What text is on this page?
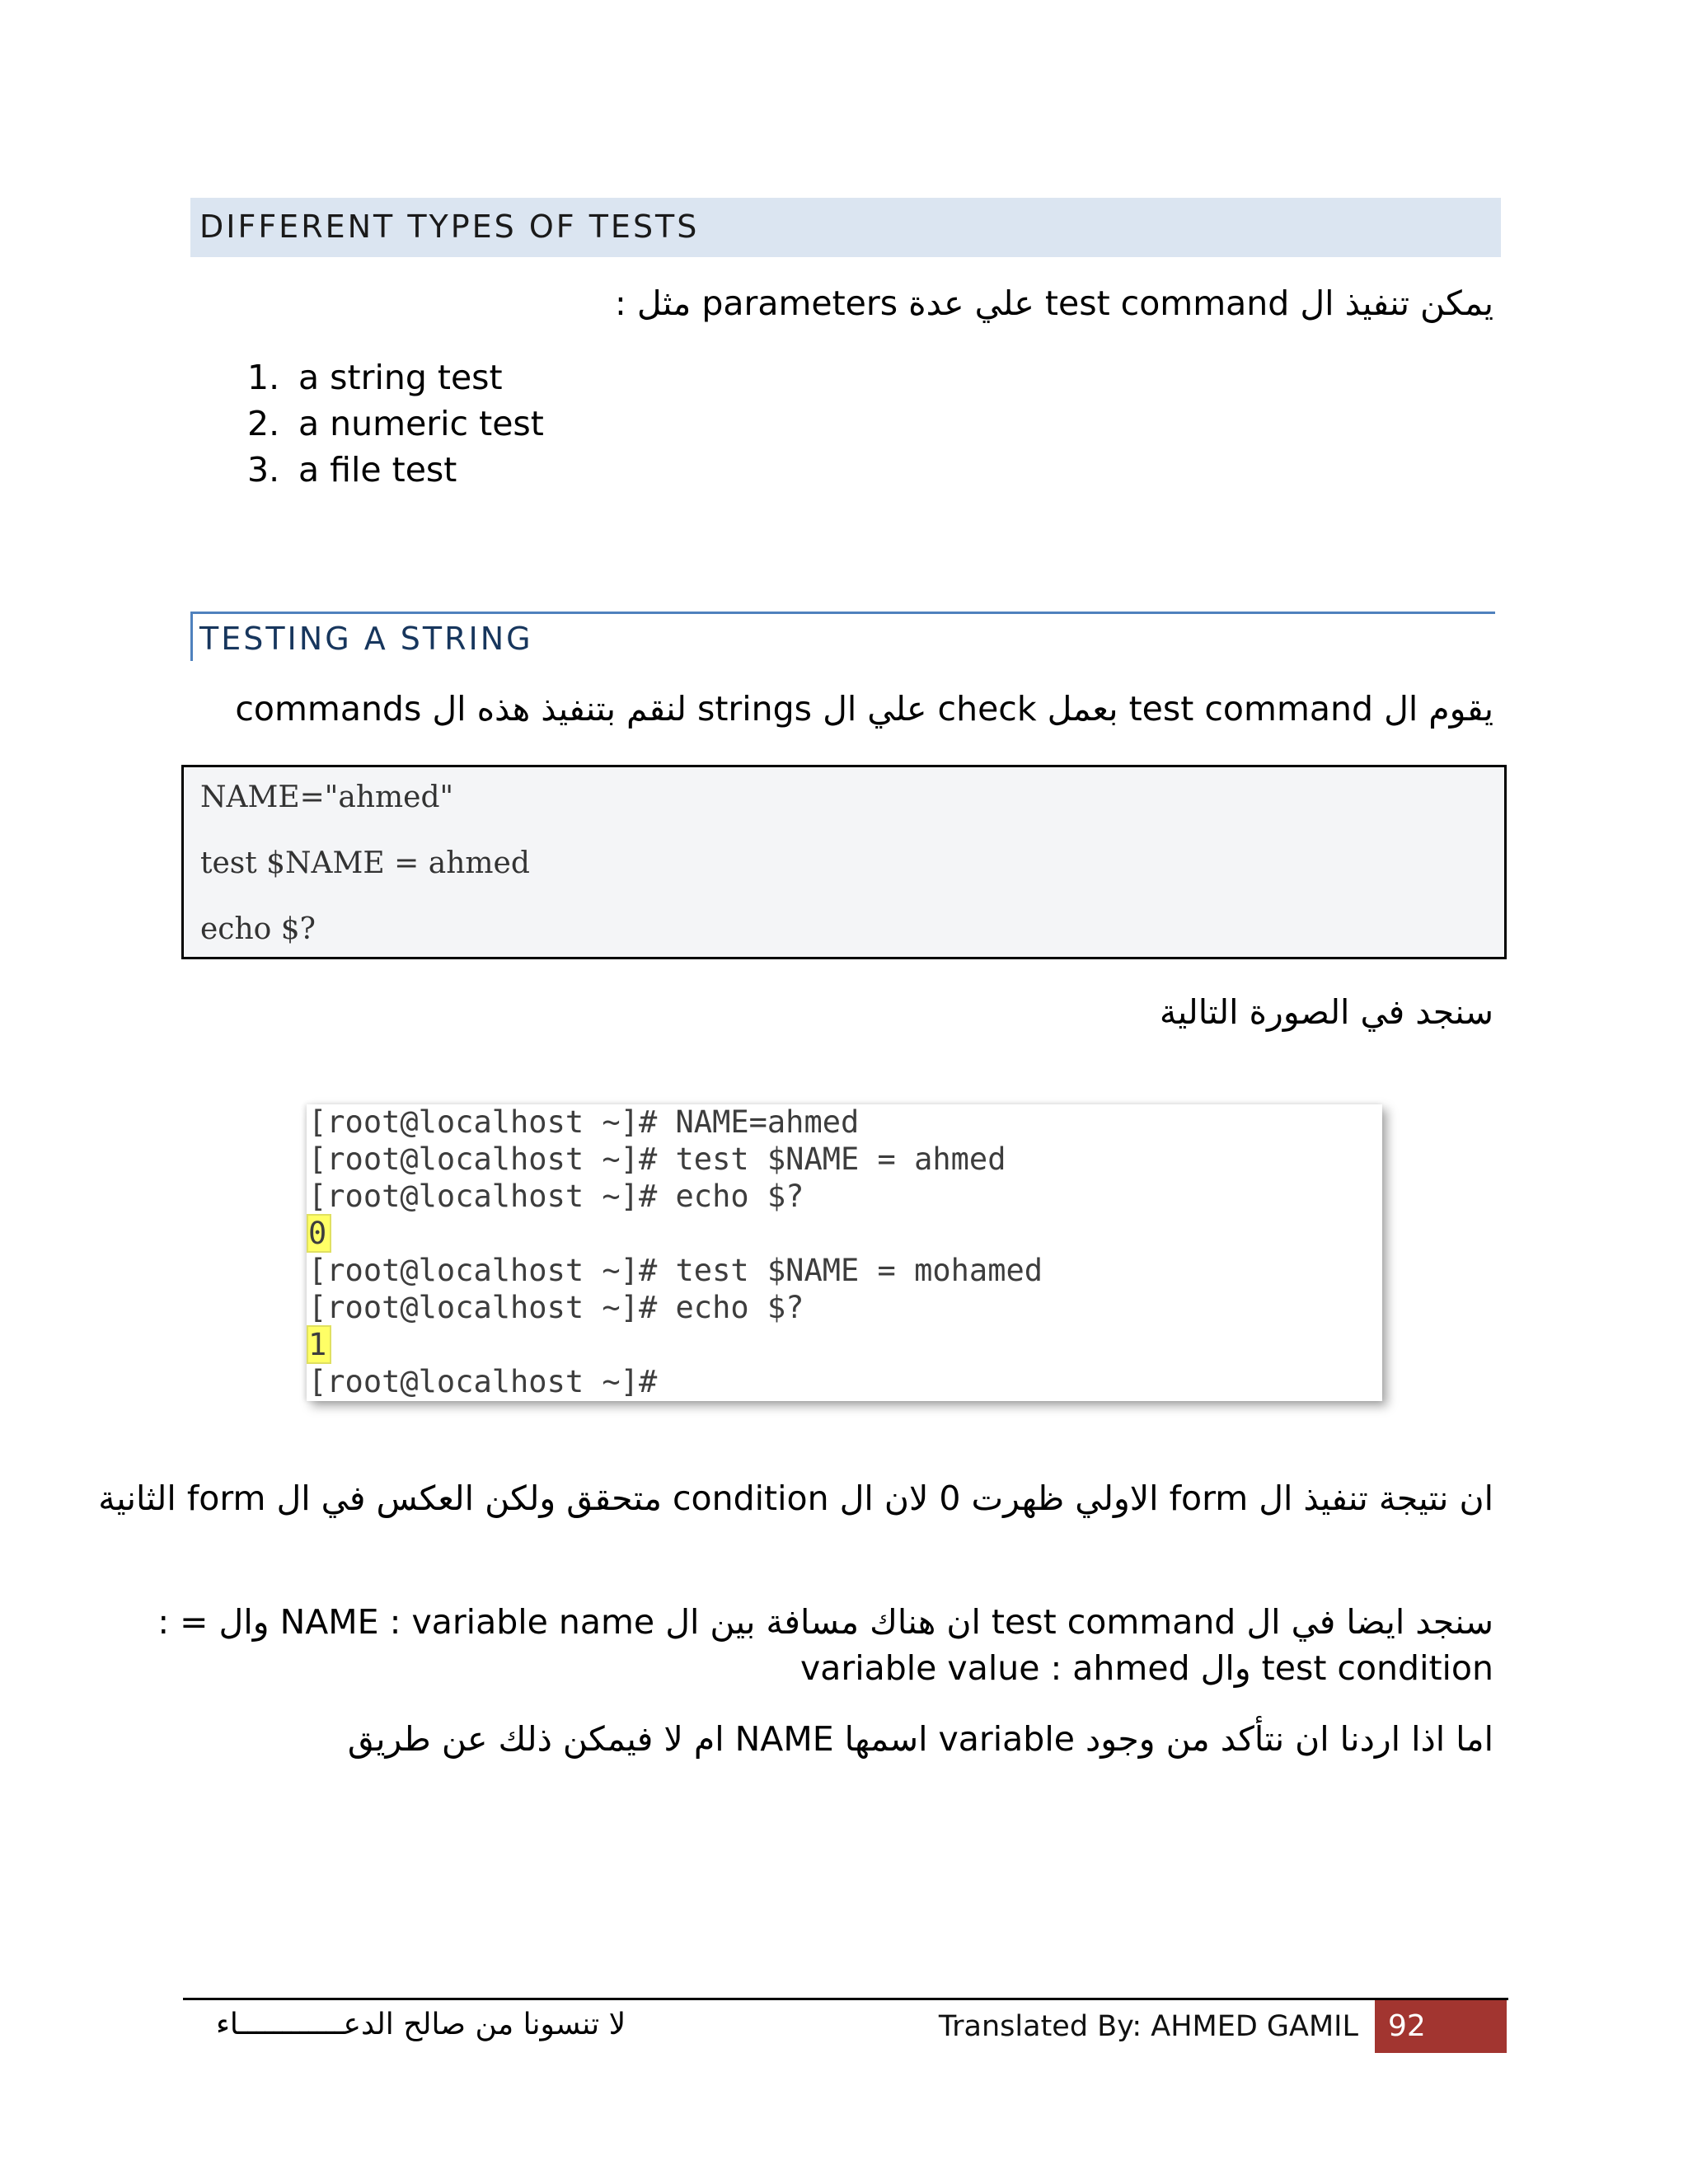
DIFFERENT TYPES OF TESTS
يمكن تنفيذ ال test command علي عدة parameters مثل :
1. a string test
2. a numeric test
3. a file test
TESTING A STRING
يقوم ال test command بعمل check علي ال strings لنقم بتنفيذ هذه ال commands
NAME="ahmed"
test $NAME = ahmed
echo $?
سنجد في الصورة التالية
[root@localhost ~]# NAME=ahmed
[root@localhost ~]# test $NAME = ahmed
[root@localhost ~]# echo $?
0
[root@localhost ~]# test $NAME = mohamed
[root@localhost ~]# echo $?
1
[root@localhost ~]#
ان نتيجة تنفيذ ال form الاولي ظهرت 0 لان ال condition متحقق ولكن العكس في ال form الثانية
سنجد ايضا في ال test command ان هناك مسافة بين ال NAME : variable name وال = : test condition وال variable value : ahmed
اما اذا اردنا ان نتأكد من وجود variable اسمها NAME ام لا فيمكن ذلك عن طريق
لا تنسونا من صالح الدعــــــــــــاء	Translated By: AHMED GAMIL	92
